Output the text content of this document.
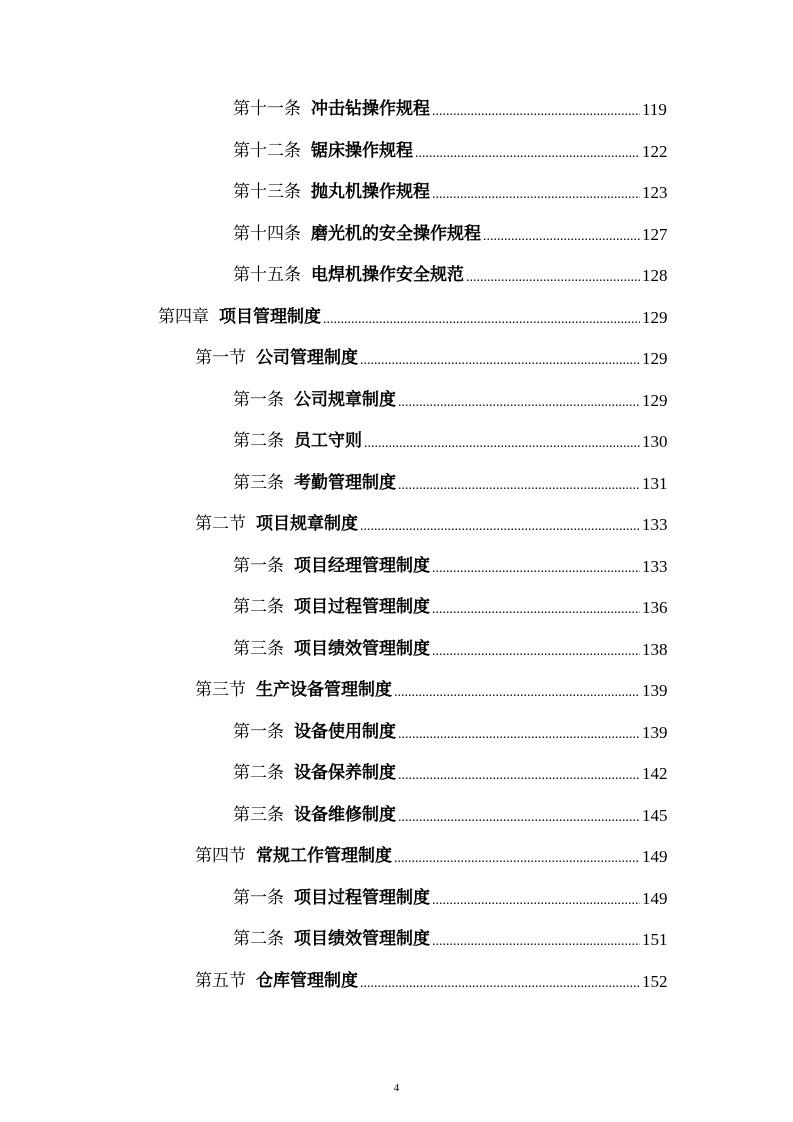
第十一条 冲击钻操作规程 .....	119
第十二条 锯床操作规程 .....	122
第十三条 抛丸机操作规程 .....	123
第十四条 磨光机的安全操作规程 .....	127
第十五条 电焊机操作安全规范 .....	128
第四章 项目管理制度 .....	129
第一节 公司管理制度 .....	129
第一条 公司规章制度 .....	129
第二条 员工守则 .....	130
第三条 考勤管理制度 .....	131
第二节 项目规章制度 .....	133
第一条 项目经理管理制度 .....	133
第二条 项目过程管理制度 .....	136
第三条 项目绩效管理制度 .....	138
第三节 生产设备管理制度 .....	139
第一条 设备使用制度 .....	139
第二条 设备保养制度 .....	142
第三条 设备维修制度 .....	145
第四节 常规工作管理制度 .....	149
第一条 项目过程管理制度 .....	149
第二条 项目绩效管理制度 .....	151
第五节 仓库管理制度 .....	152
4
